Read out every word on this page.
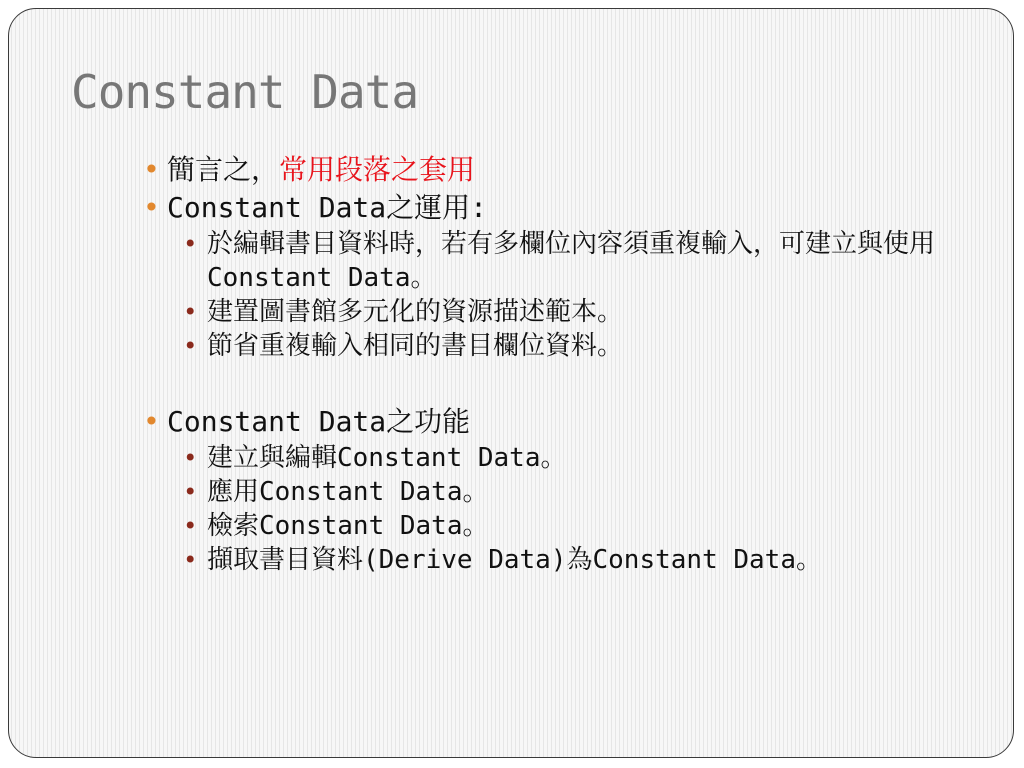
Constant Data
• 簡言之，常用段落之套用
• Constant Data之運用:
• 於編輯書目資料時，若有多欄位內容須重複輸入，可建立與使用Constant Data。
• 建置圖書館多元化的資源描述範本。
• 節省重複輸入相同的書目欄位資料。
• Constant Data之功能
• 建立與編輯Constant Data。
• 應用Constant Data。
• 檢索Constant Data。
• 擷取書目資料(Derive Data)為Constant Data。
